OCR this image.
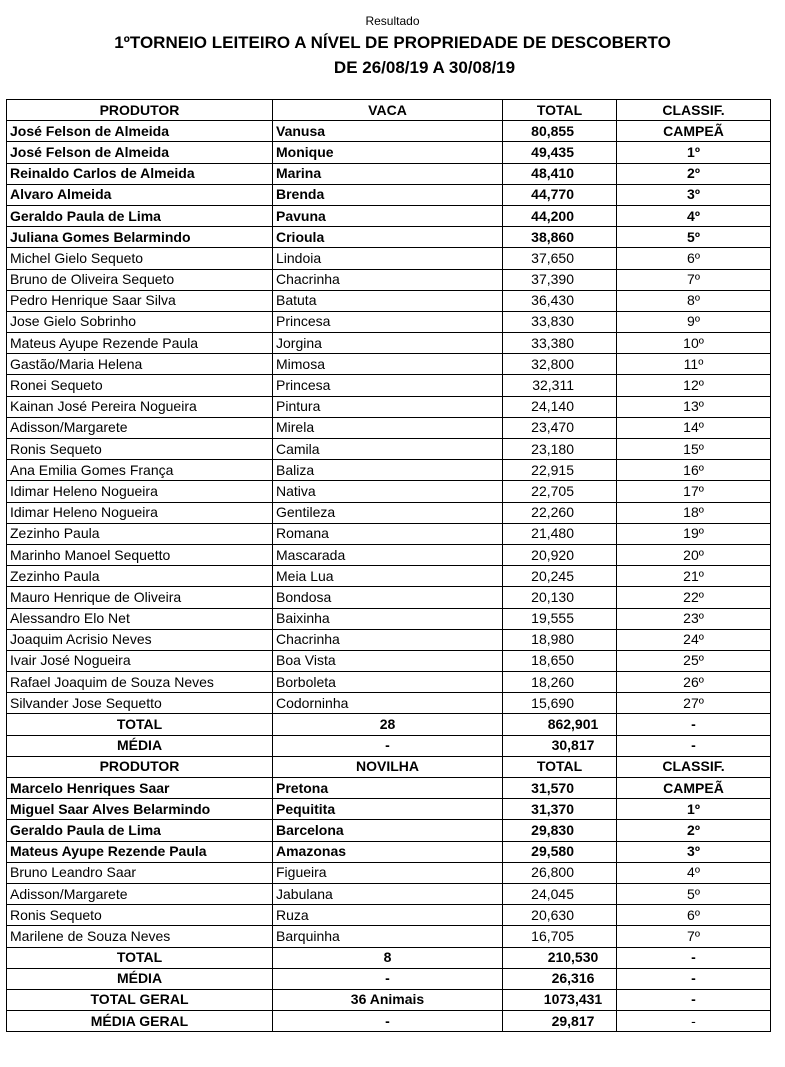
Resultado
1ºTORNEIO LEITEIRO A NÍVEL DE PROPRIEDADE DE DESCOBERTO
DE 26/08/19 A 30/08/19
PRODUTOR	VACA	TOTAL	CLASSIF.
José Felson de Almeida	Vanusa	80,855	CAMPEÃ
José Felson de Almeida	Monique	49,435	1º
Reinaldo Carlos de Almeida	Marina	48,410	2º
Alvaro Almeida	Brenda	44,770	3º
Geraldo Paula de Lima	Pavuna	44,200	4º
Juliana Gomes Belarmindo	Crioula	38,860	5º
Michel Gielo Sequeto	Lindoia	37,650	6º
Bruno de Oliveira Sequeto	Chacrinha	37,390	7º
Pedro Henrique Saar Silva	Batuta	36,430	8º
Jose Gielo Sobrinho	Princesa	33,830	9º
Mateus Ayupe Rezende Paula	Jorgina	33,380	10º
Gastão/Maria Helena	Mimosa	32,800	11º
Ronei Sequeto	Princesa	32,311	12º
Kainan José Pereira Nogueira	Pintura	24,140	13º
Adisson/Margarete	Mirela	23,470	14º
Ronis Sequeto	Camila	23,180	15º
Ana Emilia Gomes França	Baliza	22,915	16º
Idimar Heleno Nogueira	Nativa	22,705	17º
Idimar Heleno Nogueira	Gentileza	22,260	18º
Zezinho Paula	Romana	21,480	19º
Marinho Manoel Sequetto	Mascarada	20,920	20º
Zezinho Paula	Meia Lua	20,245	21º
Mauro Henrique de Oliveira	Bondosa	20,130	22º
Alessandro Elo Net	Baixinha	19,555	23º
Joaquim Acrisio Neves	Chacrinha	18,980	24º
Ivair José Nogueira	Boa Vista	18,650	25º
Rafael Joaquim de Souza Neves	Borboleta	18,260	26º
Silvander Jose Sequetto	Codorninha	15,690	27º
TOTAL	28	862,901	-
MÉDIA	-	30,817	-
PRODUTOR	NOVILHA	TOTAL	CLASSIF.
Marcelo Henriques Saar	Pretona	31,570	CAMPEÃ
Miguel Saar Alves Belarmindo	Pequitita	31,370	1º
Geraldo Paula de Lima	Barcelona	29,830	2º
Mateus Ayupe Rezende Paula	Amazonas	29,580	3º
Bruno Leandro Saar	Figueira	26,800	4º
Adisson/Margarete	Jabulana	24,045	5º
Ronis Sequeto	Ruza	20,630	6º
Marilene de Souza Neves	Barquinha	16,705	7º
TOTAL	8	210,530	-
MÉDIA	-	26,316	-
TOTAL GERAL	36 Animais	1073,431	-
MÉDIA GERAL	-	29,817	-
